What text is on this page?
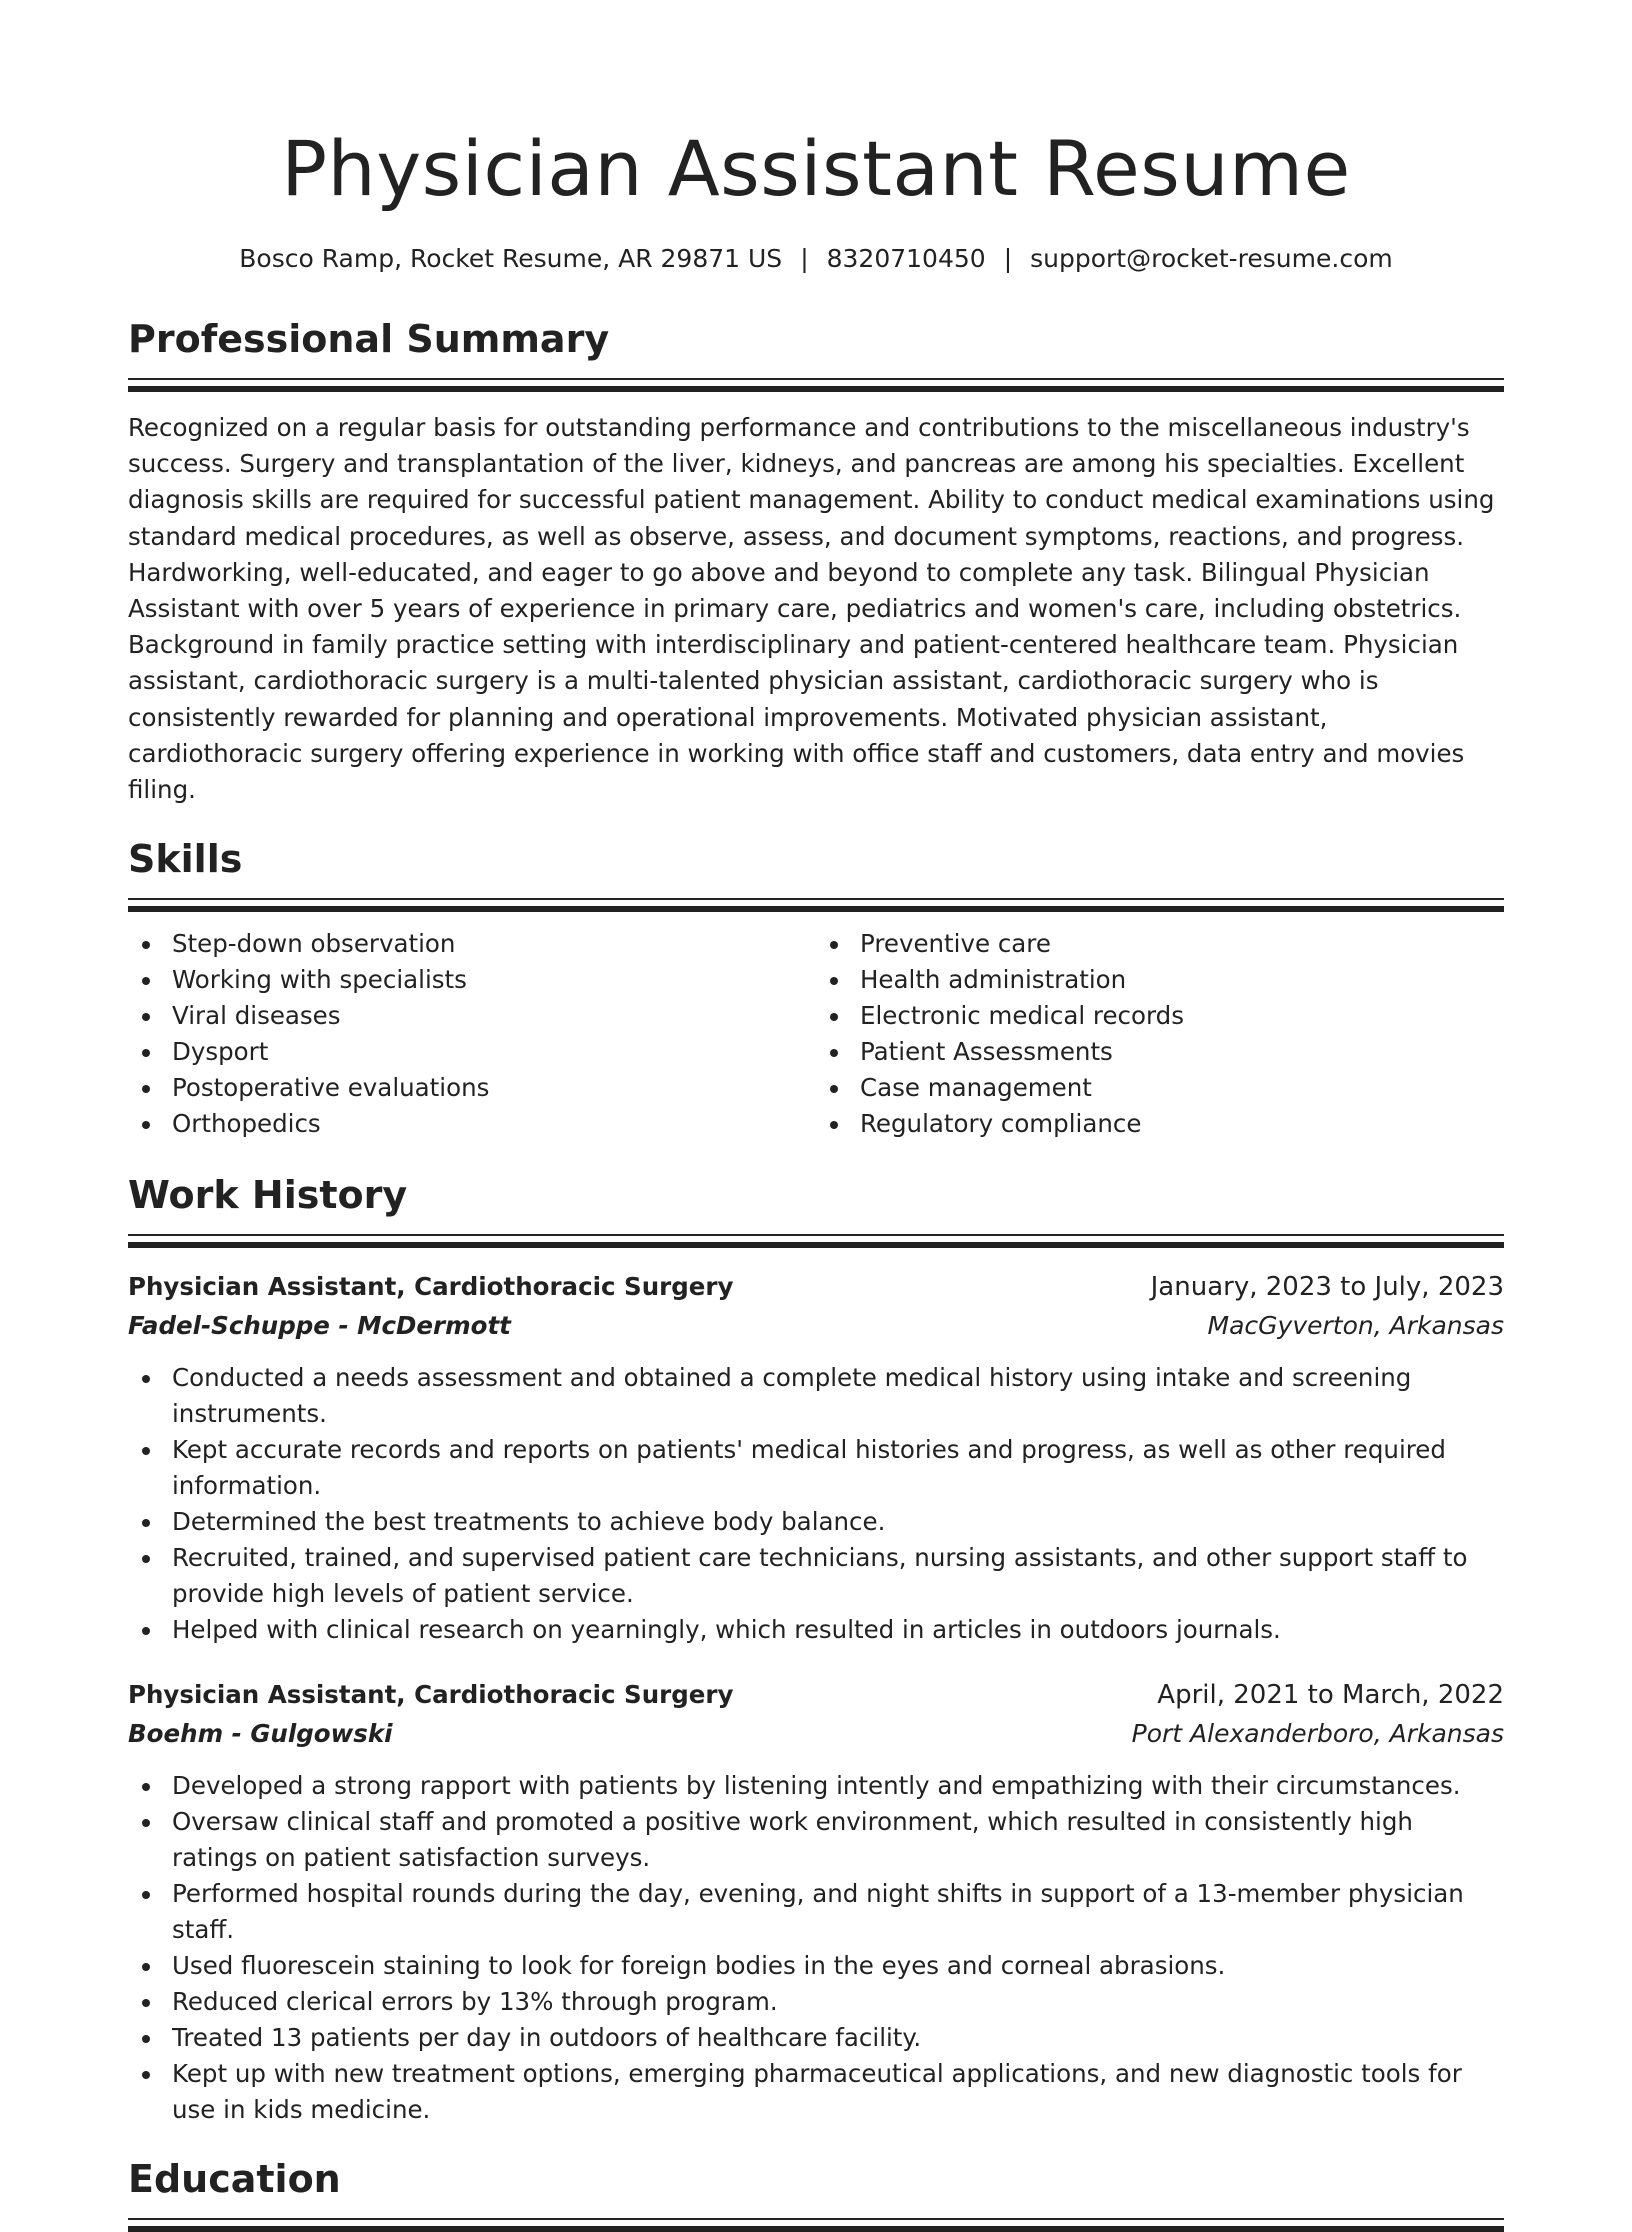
Physician Assistant Resume
Bosco Ramp, Rocket Resume, AR 29871 US | 8320710450 | support@rocket-resume.com
Professional Summary

Recognized on a regular basis for outstanding performance and contributions to the miscellaneous industry's success. Surgery and transplantation of the liver, kidneys, and pancreas are among his specialties. Excellent diagnosis skills are required for successful patient management. Ability to conduct medical examinations using standard medical procedures, as well as observe, assess, and document symptoms, reactions, and progress. Hardworking, well-educated, and eager to go above and beyond to complete any task. Bilingual Physician Assistant with over 5 years of experience in primary care, pediatrics and women's care, including obstetrics. Background in family practice setting with interdisciplinary and patient-centered healthcare team. Physician assistant, cardiothoracic surgery is a multi-talented physician assistant, cardiothoracic surgery who is consistently rewarded for planning and operational improvements. Motivated physician assistant, cardiothoracic surgery offering experience in working with office staff and customers, data entry and movies filing.

Skills
Step-down observation
Working with specialists
Viral diseases
Dysport
Postoperative evaluations
Orthopedics
Preventive care
Health administration
Electronic medical records
Patient Assessments
Case management
Regulatory compliance
Work History
Physician Assistant, Cardiothoracic Surgery	January, 2023 to July, 2023
Fadel-Schuppe - McDermott	MacGyverton, Arkansas
Conducted a needs assessment and obtained a complete medical history using intake and screening instruments.
Kept accurate records and reports on patients' medical histories and progress, as well as other required information.
Determined the best treatments to achieve body balance.
Recruited, trained, and supervised patient care technicians, nursing assistants, and other support staff to provide high levels of patient service.
Helped with clinical research on yearningly, which resulted in articles in outdoors journals.
Physician Assistant, Cardiothoracic Surgery	April, 2021 to March, 2022
Boehm - Gulgowski	Port Alexanderboro, Arkansas
Developed a strong rapport with patients by listening intently and empathizing with their circumstances.
Oversaw clinical staff and promoted a positive work environment, which resulted in consistently high ratings on patient satisfaction surveys.
Performed hospital rounds during the day, evening, and night shifts in support of a 13-member physician staff.
Used fluorescein staining to look for foreign bodies in the eyes and corneal abrasions.
Reduced clerical errors by 13% through program.
Treated 13 patients per day in outdoors of healthcare facility.
Kept up with new treatment options, emerging pharmaceutical applications, and new diagnostic tools for use in kids medicine.
Education
